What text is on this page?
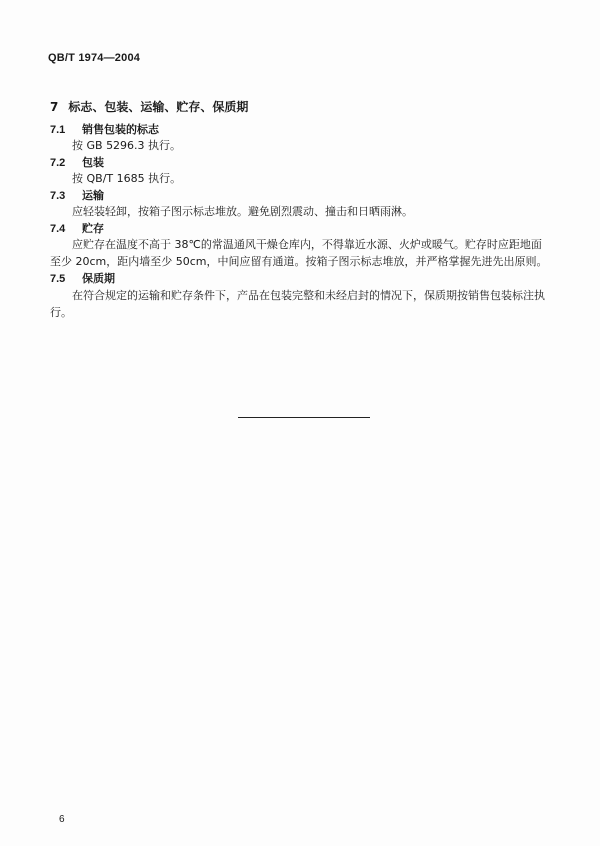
QB/T 1974—2004
7 标志、包装、运输、贮存、保质期
7.1 销售包装的标志
按 GB 5296.3 执行。
7.2 包装
按 QB/T 1685 执行。
7.3 运输
应轻装轻卸，按箱子图示标志堆放。避免剧烈震动、撞击和日晒雨淋。
7.4 贮存
应贮存在温度不高于 38℃的常温通风干燥仓库内，不得靠近水源、火炉或暖气。贮存时应距地面
至少 20cm，距内墙至少 50cm，中间应留有通道。按箱子图示标志堆放，并严格掌握先进先出原则。
7.5 保质期
在符合规定的运输和贮存条件下，产品在包装完整和未经启封的情况下，保质期按销售包装标注执
行。
6
